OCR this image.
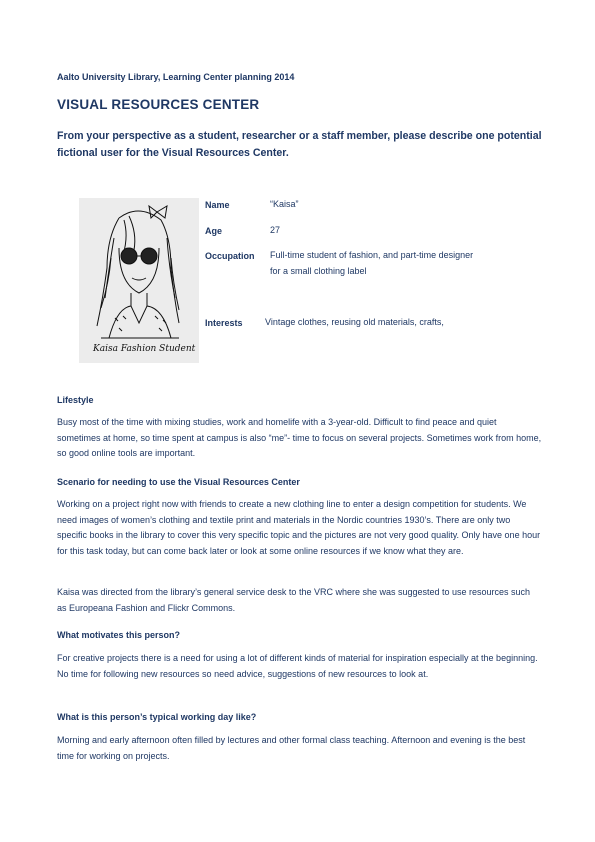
Aalto University Library, Learning Center planning 2014
VISUAL RESOURCES CENTER
From your perspective as a student, researcher or a staff member, please describe one potential fictional user for the Visual Resources Center.
Kaisa Fashion Student
Name	“Kaisa”
Age	27
Occupation Full-time student of fashion, and part-time designer
for a small clothing label
Interests Vintage clothes, reusing old materials, crafts,
Lifestyle
Busy most of the time with mixing studies, work and homelife with a 3-year-old. Difficult to find peace and quiet sometimes at home, so time spent at campus is also “me”- time to focus on several projects. Sometimes work from home, so good online tools are important.
Scenario for needing to use the Visual Resources Center
Working on a project right now with friends to create a new clothing line to enter a design competition for students. We need images of women’s clothing and textile print and materials in the Nordic countries 1930’s. There are only two specific books in the library to cover this very specific topic and the pictures are not very good quality. Only have one hour for this task today, but can come back later or look at some online resources if we know what they are.
Kaisa was directed from the library’s general service desk to the VRC where she was suggested to use resources such as Europeana Fashion and Flickr Commons.
What motivates this person?
For creative projects there is a need for using a lot of different kinds of material for inspiration especially at the beginning. No time for following new resources so need advice, suggestions of new resources to look at.
What is this person’s typical working day like?
Morning and early afternoon often filled by lectures and other formal class teaching. Afternoon and evening is the best time for working on projects.
